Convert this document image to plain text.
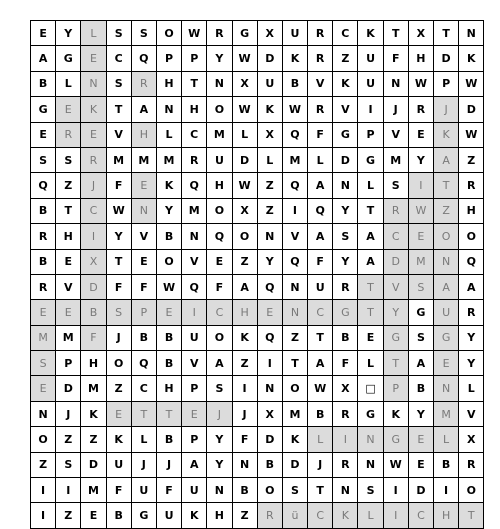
E	Y	L	S	S	O	W	R	G	X	U	R	C	K	T	X	T	N
A	G	E	C	Q	P	P	Y	W	D	K	R	Z	U	F	H	D	K
B	L	N	S	R	H	T	N	X	U	B	V	K	U	N	W	P	W
G	E	K	T	A	N	H	O	W	K	W	R	V	I	J	R	J	D
E	R	E	V	H	L	C	M	L	X	Q	F	G	P	V	E	K	W
S	S	R	M	M	M	R	U	D	L	M	L	D	G	M	Y	A	Z
Q	Z	J	F	E	K	Q	H	W	Z	Q	A	N	L	S	I	T	R
B	T	C	W	N	Y	M	O	X	Z	I	Q	Y	T	R	W	Z	H
R	H	I	Y	V	B	N	Q	O	N	V	A	S	A	C	E	O	O
B	E	X	T	E	O	V	E	Z	Y	Q	F	Y	A	D	M	N	Q
R	V	D	F	F	W	Q	F	A	Q	N	U	R	T	V	S	A	A
E	E	B	S	P	E	I	C	H	E	N	C	G	T	Y	G	U	R
M	M	F	J	B	B	U	O	K	Q	Z	T	B	E	G	S	G	Y
S	P	H	O	Q	B	V	A	Z	I	T	A	F	L	T	A	E	Y
E	D	M	Z	C	H	P	S	I	N	O	W	X	□	P	B	N	L
N	J	K	E	T	T	E	J	J	X	M	B	R	G	K	Y	M	V
O	Z	Z	K	L	B	P	Y	F	D	K	L	I	N	G	E	L	X
Z	S	D	U	J	J	A	Y	N	B	D	J	R	N	W	E	B	R
I	I	M	F	U	F	U	N	B	O	S	T	N	S	I	D	I	O
I	Z	E	B	G	U	K	H	Z	R	ü	C	K	L	I	C	H	T
